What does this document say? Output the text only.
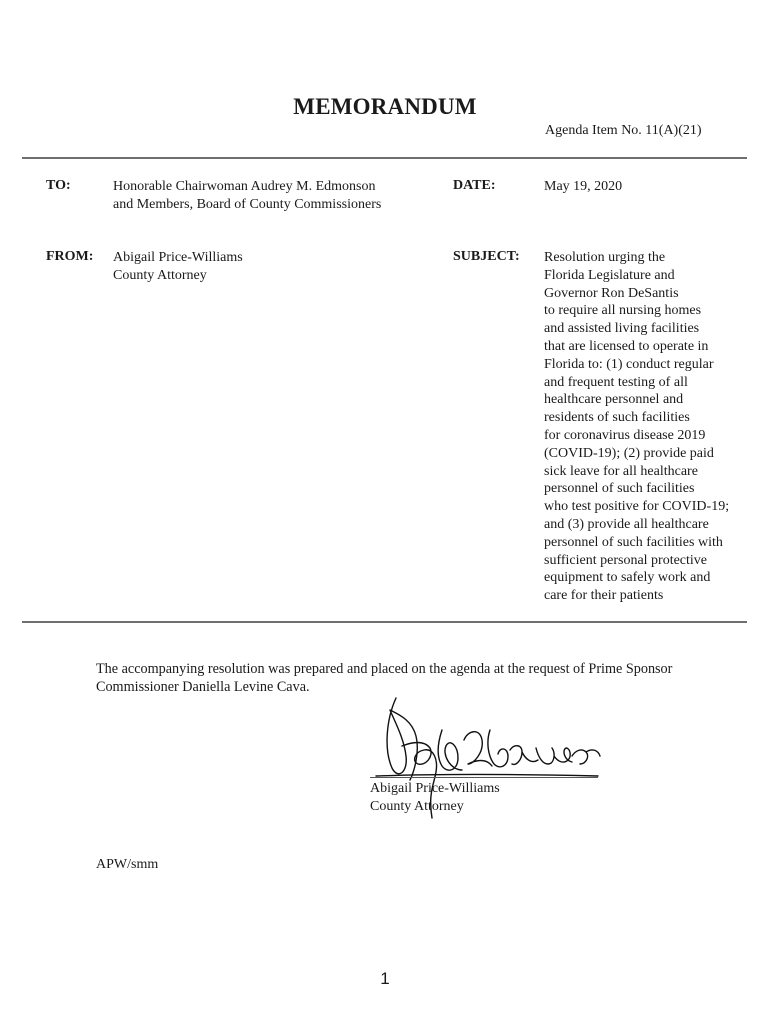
MEMORANDUM
Agenda Item No. 11(A)(21)
TO:	Honorable Chairwoman Audrey M. Edmonson
and Members, Board of County Commissioners
DATE:	May 19, 2020
FROM: Abigail Price-Williams
County Attorney
SUBJECT: Resolution urging the
Florida Legislature and
Governor Ron DeSantis
to require all nursing homes
and assisted living facilities
that are licensed to operate in
Florida to: (1) conduct regular
and frequent testing of all
healthcare personnel and
residents of such facilities
for coronavirus disease 2019
(COVID-19); (2) provide paid
sick leave for all healthcare
personnel of such facilities
who test positive for COVID-19;
and (3) provide all healthcare
personnel of such facilities with
sufficient personal protective
equipment to safely work and
care for their patients
The accompanying resolution was prepared and placed on the agenda at the request of Prime Sponsor
Commissioner Daniella Levine Cava.
Abigail Price-Williams
County Attorney
APW/smm
1
